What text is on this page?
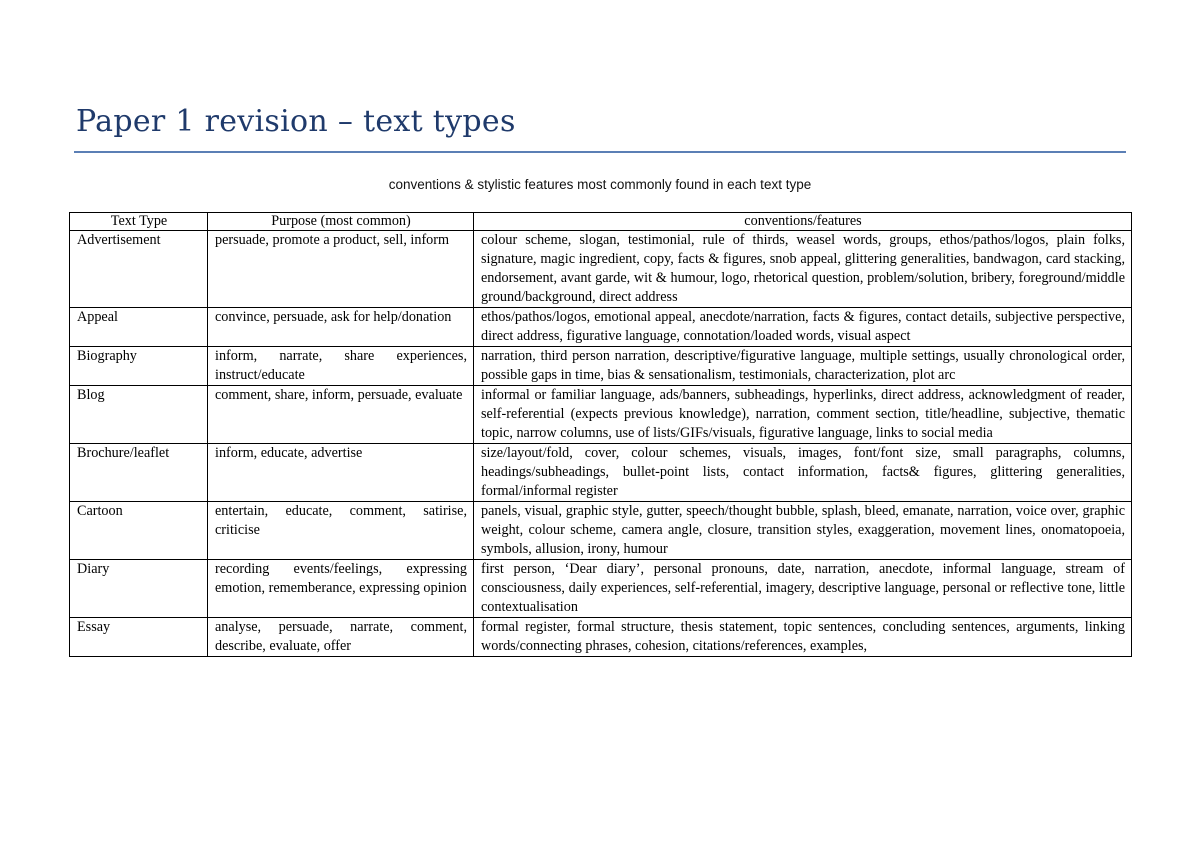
Paper 1 revision – text types
conventions & stylistic features most commonly found in each text type
Text Type	Purpose (most common)	conventions/features
Advertisement	persuade, promote a product, sell, inform	colour scheme, slogan, testimonial, rule of thirds, weasel words, groups, ethos/pathos/logos, plain folks, signature, magic ingredient, copy, facts & figures, snob appeal, glittering generalities, bandwagon, card stacking, endorsement, avant garde, wit & humour, logo, rhetorical question, problem/solution, bribery, foreground/middle ground/background, direct address
Appeal	convince, persuade, ask for help/donation	ethos/pathos/logos, emotional appeal, anecdote/narration, facts & figures, contact details, subjective perspective, direct address, figurative language, connotation/loaded words, visual aspect
Biography	inform, narrate, share experiences, instruct/educate	narration, third person narration, descriptive/figurative language, multiple settings, usually chronological order, possible gaps in time, bias & sensationalism, testimonials, characterization, plot arc
Blog	comment, share, inform, persuade, evaluate	informal or familiar language, ads/banners, subheadings, hyperlinks, direct address, acknowledgment of reader, self-referential (expects previous knowledge), narration, comment section, title/headline, subjective, thematic topic, narrow columns, use of lists/GIFs/visuals, figurative language, links to social media
Brochure/leaflet	inform, educate, advertise	size/layout/fold, cover, colour schemes, visuals, images, font/font size, small paragraphs, columns, headings/subheadings, bullet-point lists, contact information, facts& figures, glittering generalities, formal/informal register
Cartoon	entertain, educate, comment, satirise, criticise	panels, visual, graphic style, gutter, speech/thought bubble, splash, bleed, emanate, narration, voice over, graphic weight, colour scheme, camera angle, closure, transition styles, exaggeration, movement lines, onomatopoeia, symbols, allusion, irony, humour
Diary	recording events/feelings, expressing emotion, rememberance, expressing opinion	first person, ‘Dear diary’, personal pronouns, date, narration, anecdote, informal language, stream of consciousness, daily experiences, self-referential, imagery, descriptive language, personal or reflective tone, little contextualisation
Essay	analyse, persuade, narrate, comment, describe, evaluate, offer	formal register, formal structure, thesis statement, topic sentences, concluding sentences, arguments, linking words/connecting phrases, cohesion, citations/references, examples,
